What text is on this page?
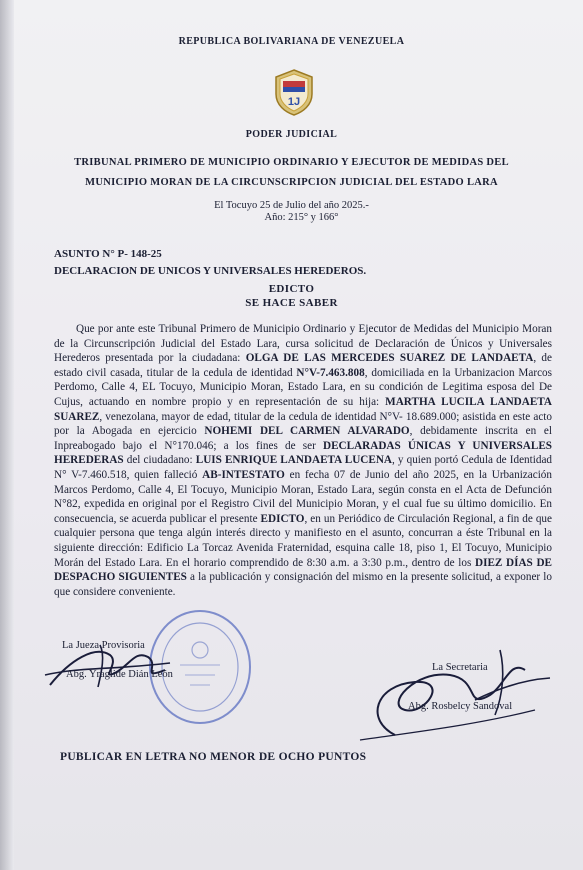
REPUBLICA BOLIVARIANA DE VENEZUELA
1J
PODER JUDICIAL
TRIBUNAL PRIMERO DE MUNICIPIO ORDINARIO Y EJECUTOR DE MEDIDAS DEL
MUNICIPIO MORAN DE LA CIRCUNSCRIPCION JUDICIAL DEL ESTADO LARA
El Tocuyo 25 de Julio del año 2025.-
Año: 215° y 166°
ASUNTO N° P- 148-25
DECLARACION DE UNICOS Y UNIVERSALES HEREDEROS.
EDICTO
SE HACE SABER

Que por ante este Tribunal Primero de Municipio Ordinario y Ejecutor de Medidas del Municipio Moran de la Circunscripción Judicial del Estado Lara, cursa solicitud de Declaración de Únicos y Universales Herederos presentada por la ciudadana: OLGA DE LAS MERCEDES SUAREZ DE LANDAETA, de estado civil casada, titular de la cedula de identidad N°V-7.463.808, domiciliada en la Urbanizacion Marcos Perdomo, Calle 4, EL Tocuyo, Municipio Moran, Estado Lara, en su condición de Legitima esposa del De Cujus, actuando en nombre propio y en representación de su hija: MARTHA LUCILA LANDAETA SUAREZ, venezolana, mayor de edad, titular de la cedula de identidad N°V- 18.689.000; asistida en este acto por la Abogada en ejercicio NOHEMI DEL CARMEN ALVARADO, debidamente inscrita en el Inpreabogado bajo el N°170.046; a los fines de ser DECLARADAS ÚNICAS Y UNIVERSALES HEREDERAS del ciudadano: LUIS ENRIQUE LANDAETA LUCENA, y quien portó Cedula de Identidad N° V-7.460.518, quien falleció AB-INTESTATO en fecha 07 de Junio del año 2025, en la Urbanización Marcos Perdomo, Calle 4, El Tocuyo, Municipio Moran, Estado Lara, según consta en el Acta de Defunción N°82, expedida en original por el Registro Civil del Municipio Moran, y el cual fue su último domicilio. En consecuencia, se acuerda publicar el presente EDICTO, en un Periódico de Circulación Regional, a fin de que cualquier persona que tenga algún interés directo y manifiesto en el asunto, concurran a éste Tribunal en la siguiente dirección: Edificio La Torcaz Avenida Fraternidad, esquina calle 18, piso 1, El Tocuyo, Municipio Morán del Estado Lara. En el horario comprendido de 8:30 a.m. a 3:30 p.m., dentro de los DIEZ DÍAS DE DESPACHO SIGUIENTES a la publicación y consignación del mismo en la presente solicitud, a exponer lo que considere conveniente.

La Jueza Provisoria
Abg. Yraglide Dián León
La Secretaria
Abg. Rosbelcy Sandoval
PUBLICAR EN LETRA NO MENOR DE OCHO PUNTOS
